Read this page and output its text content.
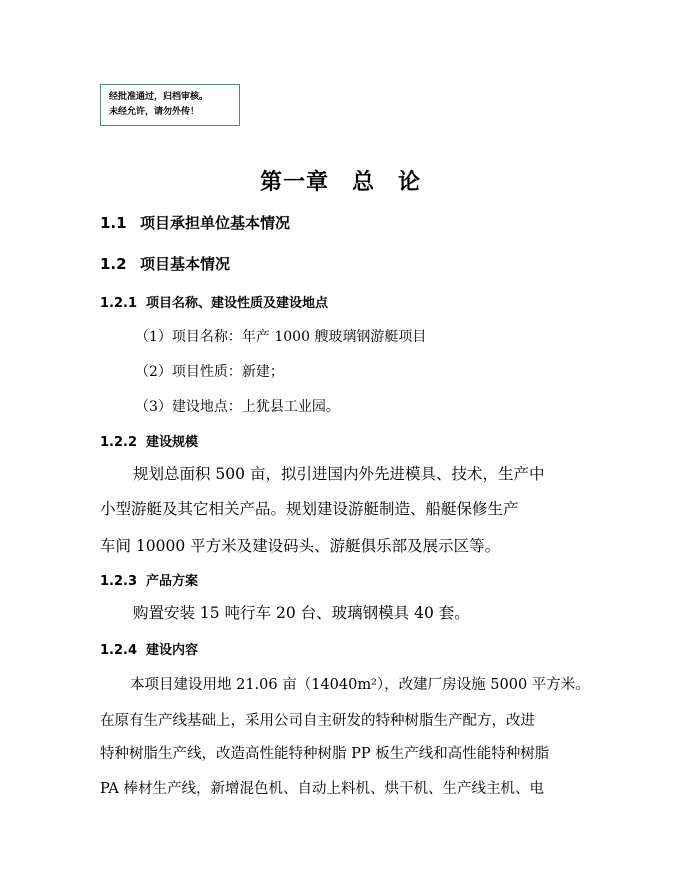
经批准通过，归档审核。
未经允许，请勿外传！
第一章　总　论
1.1 项目承担单位基本情况
1.2 项目基本情况
1.2.1 项目名称、建设性质及建设地点
（1）项目名称：年产 1000 艘玻璃钢游艇项目
（2）项目性质：新建；
（3）建设地点：上犹县工业园。
1.2.2 建设规模
规划总面积 500 亩，拟引进国内外先进模具、技术，生产中
小型游艇及其它相关产品。规划建设游艇制造、船艇保修生产
车间 10000 平方米及建设码头、游艇俱乐部及展示区等。
1.2.3 产品方案
购置安装 15 吨行车 20 台、玻璃钢模具 40 套。
1.2.4 建设内容
本项目建设用地 21.06 亩（14040m²），改建厂房设施 5000 平方米。
在原有生产线基础上，采用公司自主研发的特种树脂生产配方，改进
特种树脂生产线，改造高性能特种树脂 PP 板生产线和高性能特种树脂
PA 棒材生产线，新增混色机、自动上料机、烘干机、生产线主机、电
